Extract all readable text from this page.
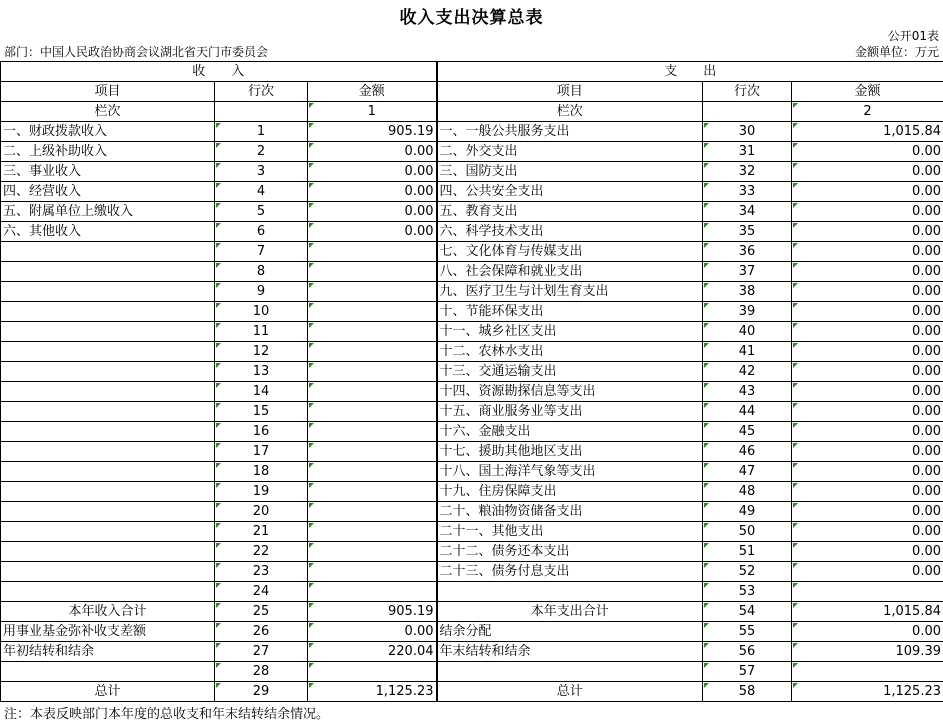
收入支出决算总表
公开01表
部门：中国人民政治协商会议湖北省天门市委员会	金额单位：万元
收　　入			支　　出		
项目	行次	金额	项目	行次	金额
栏次		1	栏次		2
一、财政拨款收入	1	905.19	一、一般公共服务支出	30	1,015.84
二、上级补助收入	2	0.00	二、外交支出	31	0.00
三、事业收入	3	0.00	三、国防支出	32	0.00
四、经营收入	4	0.00	四、公共安全支出	33	0.00
五、附属单位上缴收入	5	0.00	五、教育支出	34	0.00
六、其他收入	6	0.00	六、科学技术支出	35	0.00
	7		七、文化体育与传媒支出	36	0.00
	8		八、社会保障和就业支出	37	0.00
	9		九、医疗卫生与计划生育支出	38	0.00
	10		十、节能环保支出	39	0.00
	11		十一、城乡社区支出	40	0.00
	12		十二、农林水支出	41	0.00
	13		十三、交通运输支出	42	0.00
	14		十四、资源勘探信息等支出	43	0.00
	15		十五、商业服务业等支出	44	0.00
	16		十六、金融支出	45	0.00
	17		十七、援助其他地区支出	46	0.00
	18		十八、国土海洋气象等支出	47	0.00
	19		十九、住房保障支出	48	0.00
	20		二十、粮油物资储备支出	49	0.00
	21		二十一、其他支出	50	0.00
	22		二十二、债务还本支出	51	0.00
	23		二十三、债务付息支出	52	0.00
	24			53	
本年收入合计	25	905.19	本年支出合计	54	1,015.84
用事业基金弥补收支差额	26	0.00	结余分配	55	0.00
年初结转和结余	27	220.04	年末结转和结余	56	109.39
	28			57	
总计	29	1,125.23	总计	58	1,125.23
注：本表反映部门本年度的总收支和年末结转结余情况。
